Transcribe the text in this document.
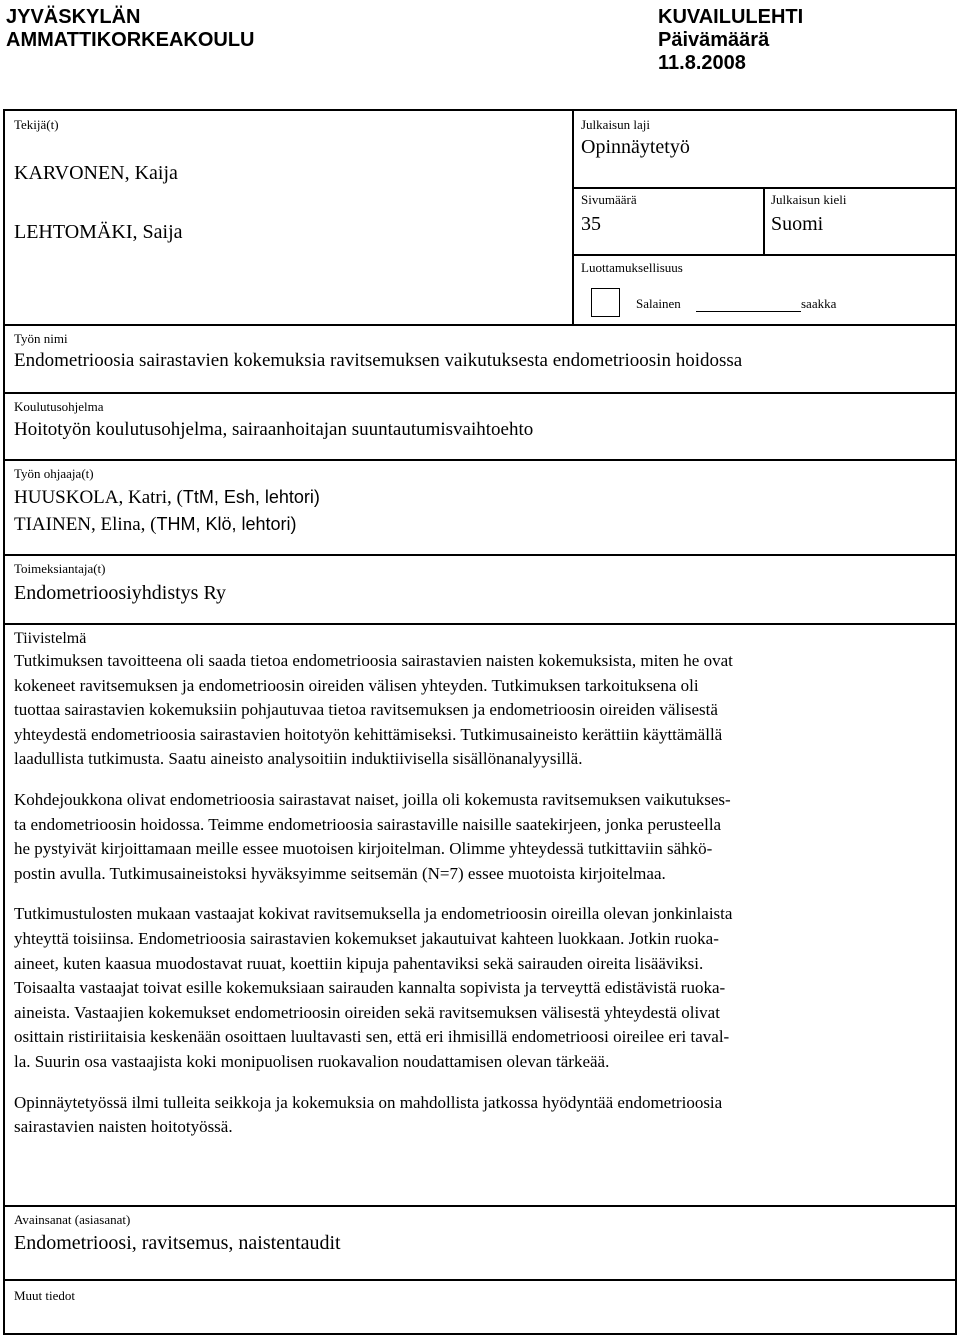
JYVÄSKYLÄN
AMMATTIKORKEAKOULU
KUVAILULEHTI
Päivämäärä
11.8.2008
Tekijä(t)
KARVONEN, Kaija
LEHTOMÄKI, Saija
Julkaisun laji
Opinnäytetyö
Sivumäärä
35
Julkaisun kieli
Suomi
Luottamuksellisuus
Salainen	saakka
Työn nimi
Endometrioosia sairastavien kokemuksia ravitsemuksen vaikutuksesta endometrioosin hoidossa
Koulutusohjelma
Hoitotyön koulutusohjelma, sairaanhoitajan suuntautumisvaihtoehto
Työn ohjaaja(t)
HUUSKOLA, Katri, (TtM, Esh, lehtori)
TIAINEN, Elina, (THM, Klö, lehtori)
Toimeksiantaja(t)
Endometrioosiyhdistys Ry
Tiivistelmä

Tutkimuksen tavoitteena oli saada tietoa endometrioosia sairastavien naisten kokemuksista, miten he ovat
kokeneet ravitsemuksen ja endometrioosin oireiden välisen yhteyden. Tutkimuksen tarkoituksena oli
tuottaa sairastavien kokemuksiin pohjautuvaa tietoa ravitsemuksen ja endometrioosin oireiden välisestä
yhteydestä endometrioosia sairastavien hoitotyön kehittämiseksi. Tutkimusaineisto kerättiin käyttämällä
laadullista tutkimusta. Saatu aineisto analysoitiin induktiivisella sisällönanalyysillä.

Kohdejoukkona olivat endometrioosia sairastavat naiset, joilla oli kokemusta ravitsemuksen vaikutukses-
ta endometrioosin hoidossa. Teimme endometrioosia sairastaville naisille saatekirjeen, jonka perusteella
he pystyivät kirjoittamaan meille essee muotoisen kirjoitelman. Olimme yhteydessä tutkittaviin sähkö-
postin avulla. Tutkimusaineistoksi hyväksyimme seitsemän (N=7) essee muotoista kirjoitelmaa.

Tutkimustulosten mukaan vastaajat kokivat ravitsemuksella ja endometrioosin oireilla olevan jonkinlaista
yhteyttä toisiinsa. Endometrioosia sairastavien kokemukset jakautuivat kahteen luokkaan. Jotkin ruoka-
aineet, kuten kaasua muodostavat ruuat, koettiin kipuja pahentaviksi sekä sairauden oireita lisääviksi.
Toisaalta vastaajat toivat esille kokemuksiaan sairauden kannalta sopivista ja terveyttä edistävistä ruoka-
aineista. Vastaajien kokemukset endometrioosin oireiden sekä ravitsemuksen välisestä yhteydestä olivat
osittain ristiriitaisia keskenään osoittaen luultavasti sen, että eri ihmisillä endometrioosi oireilee eri taval-
la. Suurin osa vastaajista koki monipuolisen ruokavalion noudattamisen olevan tärkeää.

Opinnäytetyössä ilmi tulleita seikkoja ja kokemuksia on mahdollista jatkossa hyödyntää endometrioosia
sairastavien naisten hoitotyössä.

Avainsanat (asiasanat)
Endometrioosi, ravitsemus, naistentaudit
Muut tiedot
